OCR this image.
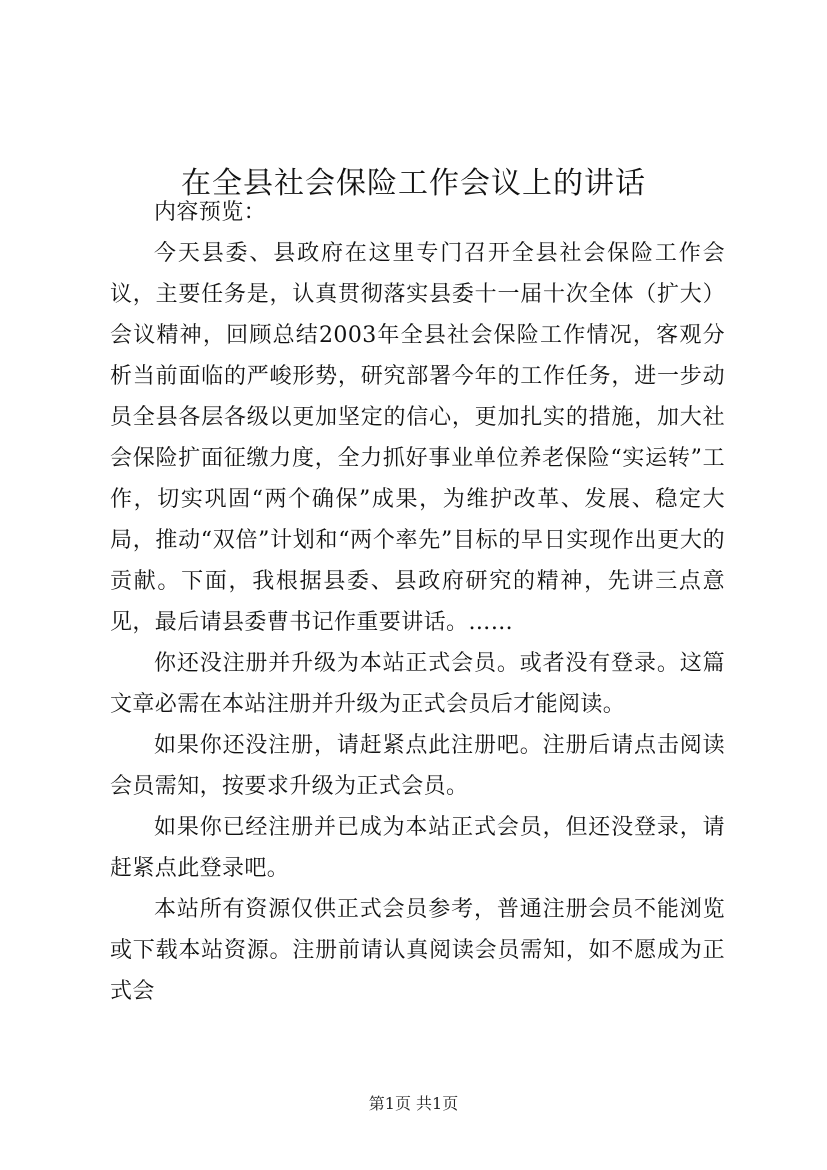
在全县社会保险工作会议上的讲话

内容预览：

今天县委、县政府在这里专门召开全县社会保险工作会议，主要任务是，认真贯彻落实县委十一届十次全体（扩大）会议精神，回顾总结2003年全县社会保险工作情况，客观分析当前面临的严峻形势，研究部署今年的工作任务，进一步动员全县各层各级以更加坚定的信心，更加扎实的措施，加大社会保险扩面征缴力度，全力抓好事业单位养老保险“实运转”工作，切实巩固“两个确保”成果，为维护改革、发展、稳定大局，推动“双倍”计划和“两个率先”目标的早日实现作出更大的贡献。下面，我根据县委、县政府研究的精神，先讲三点意见，最后请县委曹书记作重要讲话。……

你还没注册并升级为本站正式会员。或者没有登录。这篇文章必需在本站注册并升级为正式会员后才能阅读。

如果你还没注册，请赶紧点此注册吧。注册后请点击阅读会员需知，按要求升级为正式会员。

如果你已经注册并已成为本站正式会员，但还没登录，请赶紧点此登录吧。

本站所有资源仅供正式会员参考，普通注册会员不能浏览或下载本站资源。注册前请认真阅读会员需知，如不愿成为正式会

第1页 共1页
